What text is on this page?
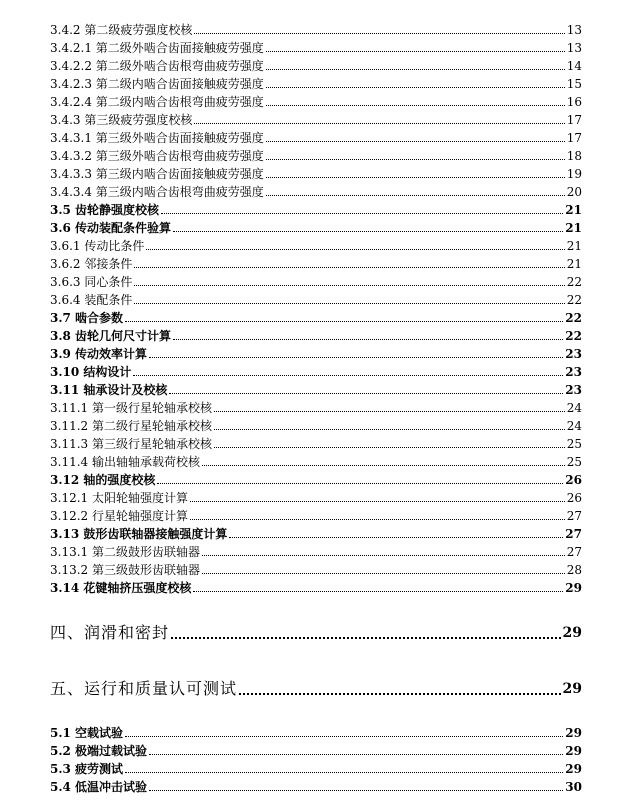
3.4.2 第二级疲劳强度校核	13
3.4.2.1 第二级外啮合齿面接触疲劳强度	13
3.4.2.2 第二级外啮合齿根弯曲疲劳强度	14
3.4.2.3 第二级内啮合齿面接触疲劳强度	15
3.4.2.4 第二级内啮合齿根弯曲疲劳强度	16
3.4.3 第三级疲劳强度校核	17
3.4.3.1 第三级外啮合齿面接触疲劳强度	17
3.4.3.2 第三级外啮合齿根弯曲疲劳强度	18
3.4.3.3 第三级内啮合齿面接触疲劳强度	19
3.4.3.4 第三级内啮合齿根弯曲疲劳强度	20
3.5 齿轮静强度校核	21
3.6 传动装配条件验算	21
3.6.1 传动比条件	21
3.6.2 邻接条件	21
3.6.3 同心条件	22
3.6.4 装配条件	22
3.7 啮合参数	22
3.8 齿轮几何尺寸计算	22
3.9 传动效率计算	23
3.10 结构设计	23
3.11 轴承设计及校核	23
3.11.1 第一级行星轮轴承校核	24
3.11.2 第二级行星轮轴承校核	24
3.11.3 第三级行星轮轴承校核	25
3.11.4 输出轴轴承载荷校核	25
3.12 轴的强度校核	26
3.12.1 太阳轮轴强度计算	26
3.12.2 行星轮轴强度计算	27
3.13 鼓形齿联轴器接触强度计算	27
3.13.1 第二级鼓形齿联轴器	27
3.13.2 第三级鼓形齿联轴器	28
3.14 花键轴挤压强度校核	29
四、润滑和密封	29
五、运行和质量认可测试	29
5.1 空载试验	29
5.2 极端过载试验	29
5.3 疲劳测试	29
5.4 低温冲击试验	30
